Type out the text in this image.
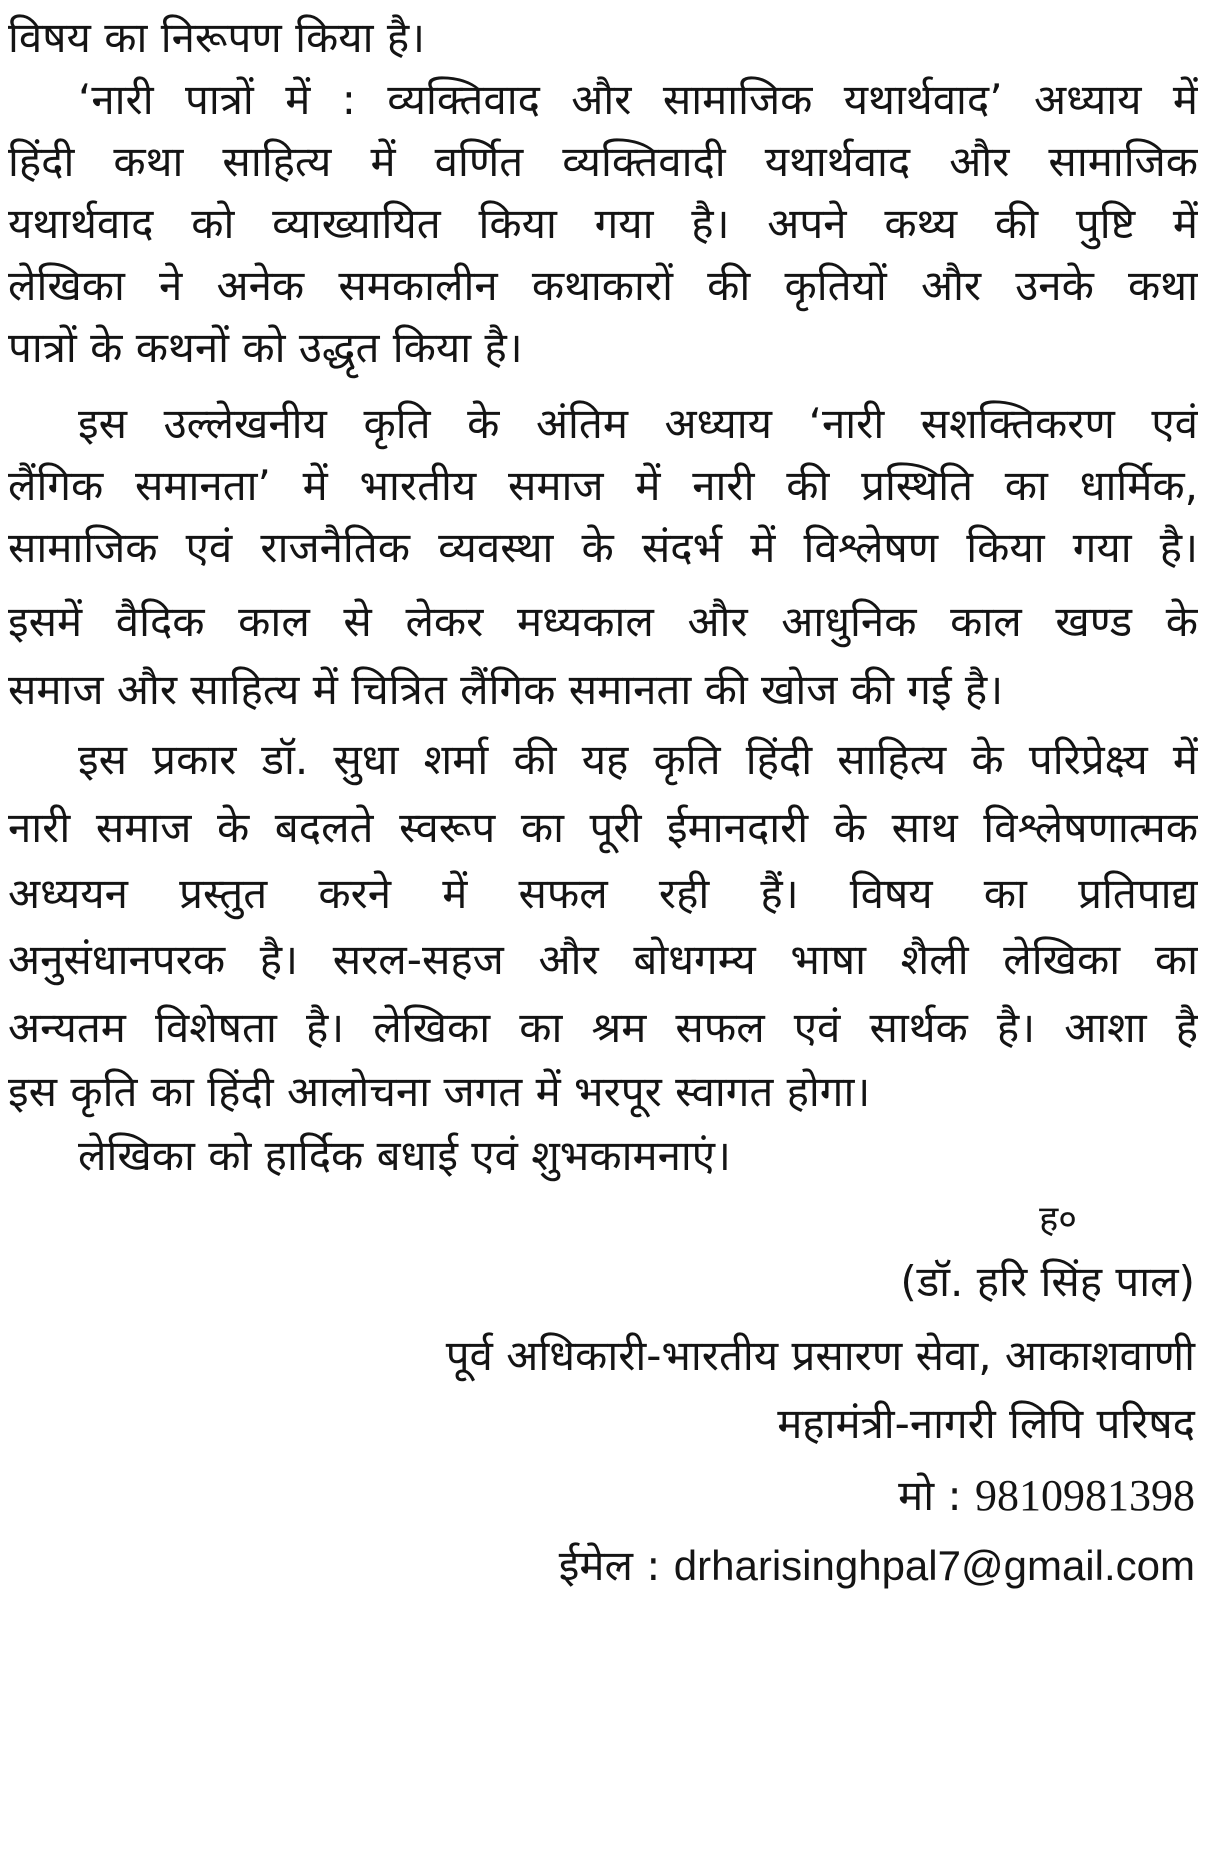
विषय का निरूपण किया है।
‘नारी पात्रों में : व्यक्तिवाद और सामाजिक यथार्थवाद’ अध्याय में
हिंदी कथा साहित्य में वर्णित व्यक्तिवादी यथार्थवाद और सामाजिक
यथार्थवाद को व्याख्यायित किया गया है। अपने कथ्य की पुष्टि में
लेखिका ने अनेक समकालीन कथाकारों की कृतियों और उनके कथा
पात्रों के कथनों को उद्धृत किया है।
इस उल्लेखनीय कृति के अंतिम अध्याय ‘नारी सशक्तिकरण एवं
लैंगिक समानता’ में भारतीय समाज में नारी की प्रस्थिति का धार्मिक,
सामाजिक एवं राजनैतिक व्यवस्था के संदर्भ में विश्लेषण किया गया है।
इसमें वैदिक काल से लेकर मध्यकाल और आधुनिक काल खण्ड के
समाज और साहित्य में चित्रित लैंगिक समानता की खोज की गई है।
इस प्रकार डॉ. सुधा शर्मा की यह कृति हिंदी साहित्य के परिप्रेक्ष्य में
नारी समाज के बदलते स्वरूप का पूरी ईमानदारी के साथ विश्लेषणात्मक
अध्ययन प्रस्तुत करने में सफल रही हैं। विषय का प्रतिपाद्य
अनुसंधानपरक है। सरल-सहज और बोधगम्य भाषा शैली लेखिका का
अन्यतम विशेषता है। लेखिका का श्रम सफल एवं सार्थक है। आशा है
इस कृति का हिंदी आलोचना जगत में भरपूर स्वागत होगा।
लेखिका को हार्दिक बधाई एवं शुभकामनाएं।
ह०
(डॉ. हरि सिंह पाल)
पूर्व अधिकारी-भारतीय प्रसारण सेवा, आकाशवाणी
महामंत्री-नागरी लिपि परिषद
मो : 9810981398
ईमेल : drharisinghpal7@gmail.com
